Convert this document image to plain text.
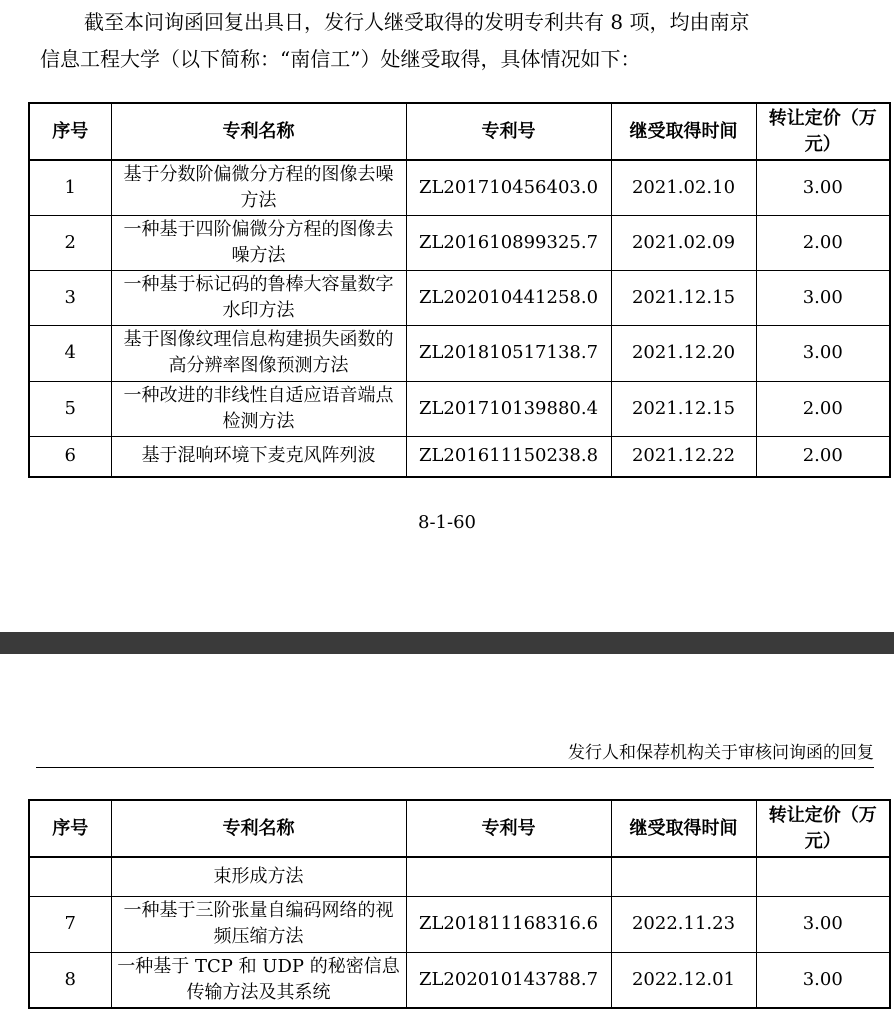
截至本问询函回复出具日，发行人继受取得的发明专利共有 8 项，均由南京

信息工程大学（以下简称：“南信工”）处继受取得，具体情况如下：

序号	专利名称	专利号	继受取得时间	转让定价（万元）
1	基于分数阶偏微分方程的图像去噪方法	ZL201710456403.0	2021.02.10	3.00
2	一种基于四阶偏微分方程的图像去噪方法	ZL201610899325.7	2021.02.09	2.00
3	一种基于标记码的鲁棒大容量数字水印方法	ZL202010441258.0	2021.12.15	3.00
4	基于图像纹理信息构建损失函数的高分辨率图像预测方法	ZL201810517138.7	2021.12.20	3.00
5	一种改进的非线性自适应语音端点检测方法	ZL201710139880.4	2021.12.15	2.00
6	基于混响环境下麦克风阵列波	ZL201611150238.8	2021.12.22	2.00
8-1-60
发行人和保荐机构关于审核问询函的回复
序号	专利名称	专利号	继受取得时间	转让定价（万元）
	束形成方法			
7	一种基于三阶张量自编码网络的视频压缩方法	ZL201811168316.6	2022.11.23	3.00
8	一种基于 TCP 和 UDP 的秘密信息传输方法及其系统	ZL202010143788.7	2022.12.01	3.00
